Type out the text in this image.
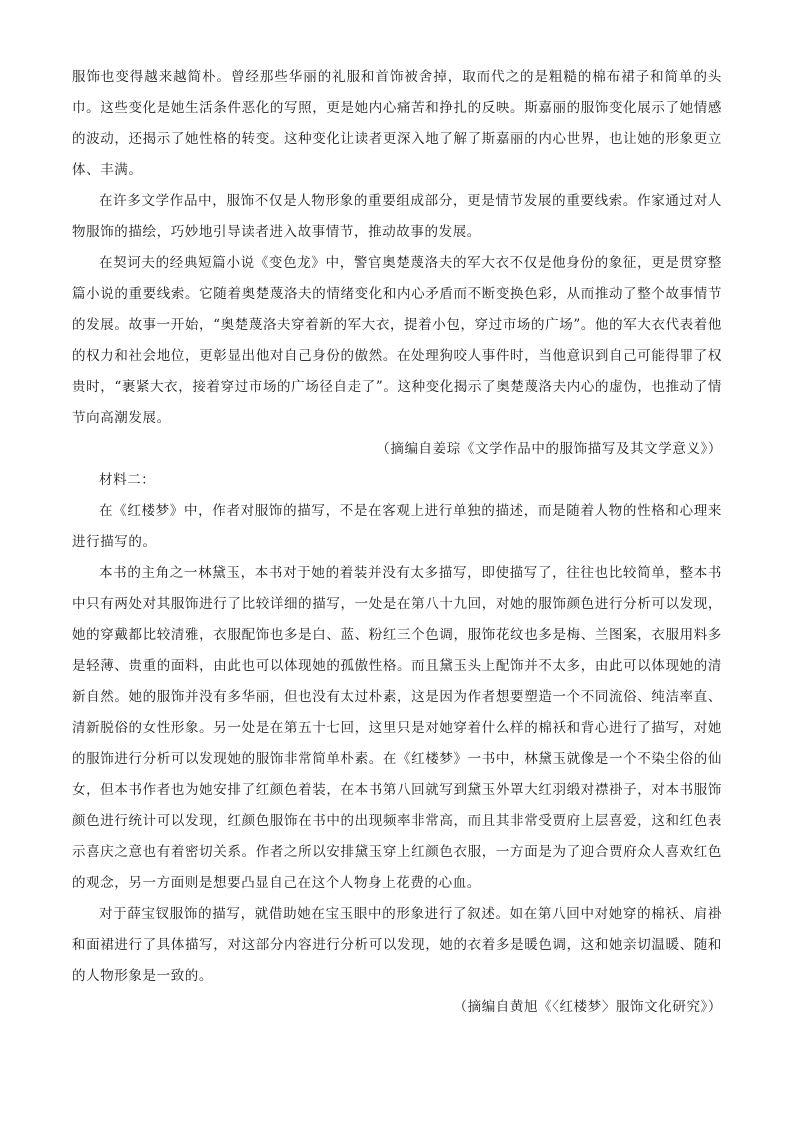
服饰也变得越来越简朴。曾经那些华丽的礼服和首饰被舍掉，取而代之的是粗糙的棉布裙子和简单的头巾。这些变化是她生活条件恶化的写照，更是她内心痛苦和挣扎的反映。斯嘉丽的服饰变化展示了她情感的波动，还揭示了她性格的转变。这种变化让读者更深入地了解了斯嘉丽的内心世界，也让她的形象更立体、丰满。

在许多文学作品中，服饰不仅是人物形象的重要组成部分，更是情节发展的重要线索。作家通过对人物服饰的描绘，巧妙地引导读者进入故事情节，推动故事的发展。

在契诃夫的经典短篇小说《变色龙》中，警官奥楚蔑洛夫的军大衣不仅是他身份的象征，更是贯穿整篇小说的重要线索。它随着奥楚蔑洛夫的情绪变化和内心矛盾而不断变换色彩，从而推动了整个故事情节的发展。故事一开始，“奥楚蔑洛夫穿着新的军大衣，提着小包，穿过市场的广场”。他的军大衣代表着他的权力和社会地位，更彰显出他对自己身份的傲然。在处理狗咬人事件时，当他意识到自己可能得罪了权贵时，“裹紧大衣，接着穿过市场的广场径自走了”。这种变化揭示了奥楚蔑洛夫内心的虚伪，也推动了情节向高潮发展。

（摘编自姜琮《文学作品中的服饰描写及其文学意义》）

材料二：

在《红楼梦》中，作者对服饰的描写，不是在客观上进行单独的描述，而是随着人物的性格和心理来进行描写的。

本书的主角之一林黛玉，本书对于她的着装并没有太多描写，即使描写了，往往也比较简单，整本书中只有两处对其服饰进行了比较详细的描写，一处是在第八十九回，对她的服饰颜色进行分析可以发现，她的穿戴都比较清雅，衣服配饰也多是白、蓝、粉红三个色调，服饰花纹也多是梅、兰图案，衣服用料多是轻薄、贵重的面料，由此也可以体现她的孤傲性格。而且黛玉头上配饰并不太多，由此可以体现她的清新自然。她的服饰并没有多华丽，但也没有太过朴素，这是因为作者想要塑造一个不同流俗、纯洁率直、清新脱俗的女性形象。另一处是在第五十七回，这里只是对她穿着什么样的棉袄和背心进行了描写，对她的服饰进行分析可以发现她的服饰非常简单朴素。在《红楼梦》一书中，林黛玉就像是一个不染尘俗的仙女，但本书作者也为她安排了红颜色着装，在本书第八回就写到黛玉外罩大红羽缎对襟褂子，对本书服饰颜色进行统计可以发现，红颜色服饰在书中的出现频率非常高，而且其非常受贾府上层喜爱，这和红色表示喜庆之意也有着密切关系。作者之所以安排黛玉穿上红颜色衣服，一方面是为了迎合贾府众人喜欢红色的观念，另一方面则是想要凸显自己在这个人物身上花费的心血。

对于薛宝钗服饰的描写，就借助她在宝玉眼中的形象进行了叙述。如在第八回中对她穿的棉袄、肩褂和面裙进行了具体描写，对这部分内容进行分析可以发现，她的衣着多是暖色调，这和她亲切温暖、随和的人物形象是一致的。

（摘编自黄旭《〈红楼梦〉服饰文化研究》）
